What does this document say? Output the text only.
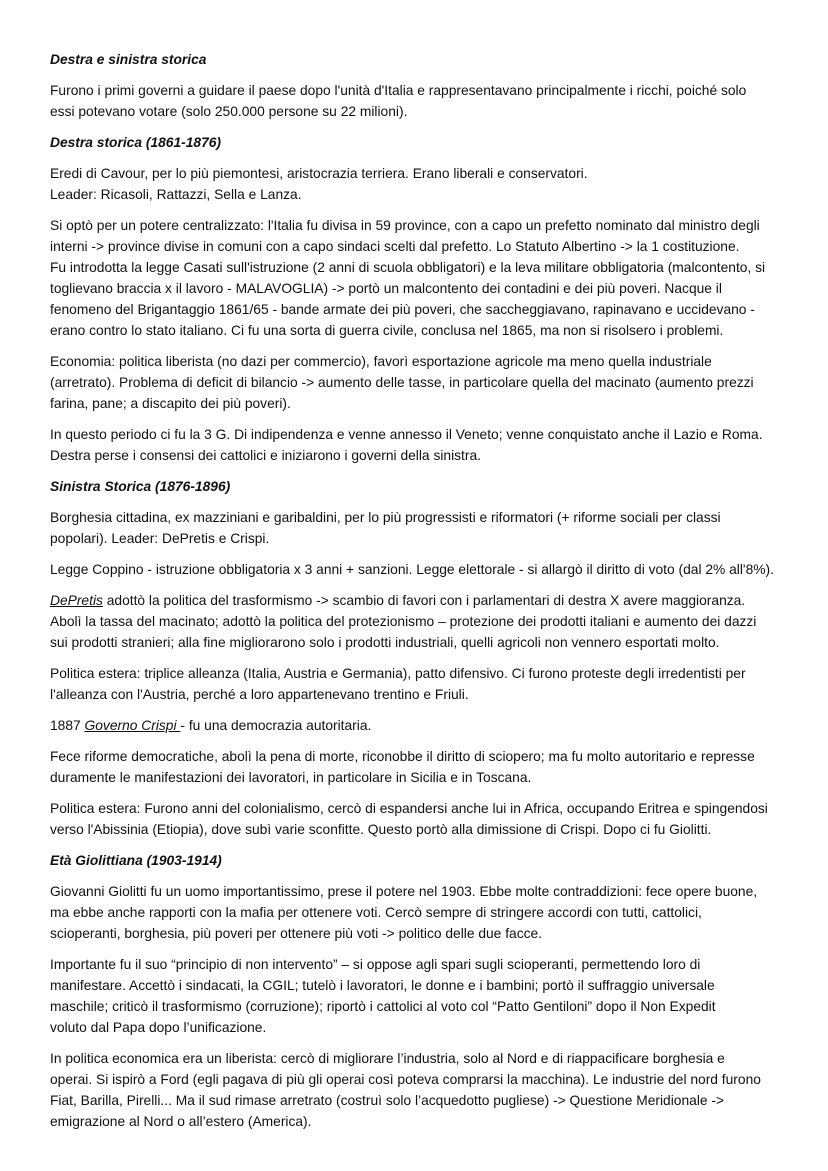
Destra e sinistra storica

Furono i primi governi a guidare il paese dopo l'unità d'Italia e rappresentavano principalmente i ricchi, poiché solo
essi potevano votare (solo 250.000 persone su 22 milioni).

Destra storica (1861-1876)

Eredi di Cavour, per lo più piemontesi, aristocrazia terriera. Erano liberali e conservatori.
Leader: Ricasoli, Rattazzi, Sella e Lanza.

Si optò per un potere centralizzato: l'Italia fu divisa in 59 province, con a capo un prefetto nominato dal ministro degli
interni -> province divise in comuni con a capo sindaci scelti dal prefetto. Lo Statuto Albertino -> la 1 costituzione.
Fu introdotta la legge Casati sull'istruzione (2 anni di scuola obbligatori) e la leva militare obbligatoria (malcontento, si
toglievano braccia x il lavoro - MALAVOGLIA) -> portò un malcontento dei contadini e dei più poveri. Nacque il
fenomeno del Brigantaggio 1861/65 - bande armate dei più poveri, che saccheggiavano, rapinavano e uccidevano -
erano contro lo stato italiano. Ci fu una sorta di guerra civile, conclusa nel 1865, ma non si risolsero i problemi.

Economia: politica liberista (no dazi per commercio), favorì esportazione agricole ma meno quella industriale
(arretrato). Problema di deficit di bilancio -> aumento delle tasse, in particolare quella del macinato (aumento prezzi
farina, pane; a discapito dei più poveri).

In questo periodo ci fu la 3 G. Di indipendenza e venne annesso il Veneto; venne conquistato anche il Lazio e Roma.
Destra perse i consensi dei cattolici e iniziarono i governi della sinistra.

Sinistra Storica (1876-1896)

Borghesia cittadina, ex mazziniani e garibaldini, per lo più progressisti e riformatori (+ riforme sociali per classi
popolari). Leader: DePretis e Crispi.

Legge Coppino - istruzione obbligatoria x 3 anni + sanzioni. Legge elettorale - si allargò il diritto di voto (dal 2% all'8%).

DePretis adottò la politica del trasformismo -> scambio di favori con i parlamentari di destra X avere maggioranza.
Abolì la tassa del macinato; adottò la politica del protezionismo – protezione dei prodotti italiani e aumento dei dazzi
sui prodotti stranieri; alla fine migliorarono solo i prodotti industriali, quelli agricoli non vennero esportati molto.

Politica estera: triplice alleanza (Italia, Austria e Germania), patto difensivo. Ci furono proteste degli irredentisti per
l'alleanza con l'Austria, perché a loro appartenevano trentino e Friuli.

1887 Governo Crispi - fu una democrazia autoritaria.

Fece riforme democratiche, abolì la pena di morte, riconobbe il diritto di sciopero; ma fu molto autoritario e represse
duramente le manifestazioni dei lavoratori, in particolare in Sicilia e in Toscana.

Politica estera: Furono anni del colonialismo, cercò di espandersi anche lui in Africa, occupando Eritrea e spingendosi
verso l'Abissinia (Etiopia), dove subì varie sconfitte. Questo portò alla dimissione di Crispi. Dopo ci fu Giolitti.

Età Giolittiana (1903-1914)

Giovanni Giolitti fu un uomo importantissimo, prese il potere nel 1903. Ebbe molte contraddizioni: fece opere buone,
ma ebbe anche rapporti con la mafia per ottenere voti. Cercò sempre di stringere accordi con tutti, cattolici,
scioperanti, borghesia, più poveri per ottenere più voti -> politico delle due facce.

Importante fu il suo “principio di non intervento” – si oppose agli spari sugli scioperanti, permettendo loro di
manifestare. Accettò i sindacati, la CGIL; tutelò i lavoratori, le donne e i bambini; portò il suffraggio universale
maschile; criticò il trasformismo (corruzione); riportò i cattolici al voto col “Patto Gentiloni” dopo il Non Expedit
voluto dal Papa dopo l’unificazione.

In politica economica era un liberista: cercò di migliorare l’industria, solo al Nord e di riappacificare borghesia e
operai. Si ispirò a Ford (egli pagava di più gli operai così poteva comprarsi la macchina). Le industrie del nord furono
Fiat, Barilla, Pirelli... Ma il sud rimase arretrato (costruì solo l’acquedotto pugliese) -> Questione Meridionale ->
emigrazione al Nord o all’estero (America).
